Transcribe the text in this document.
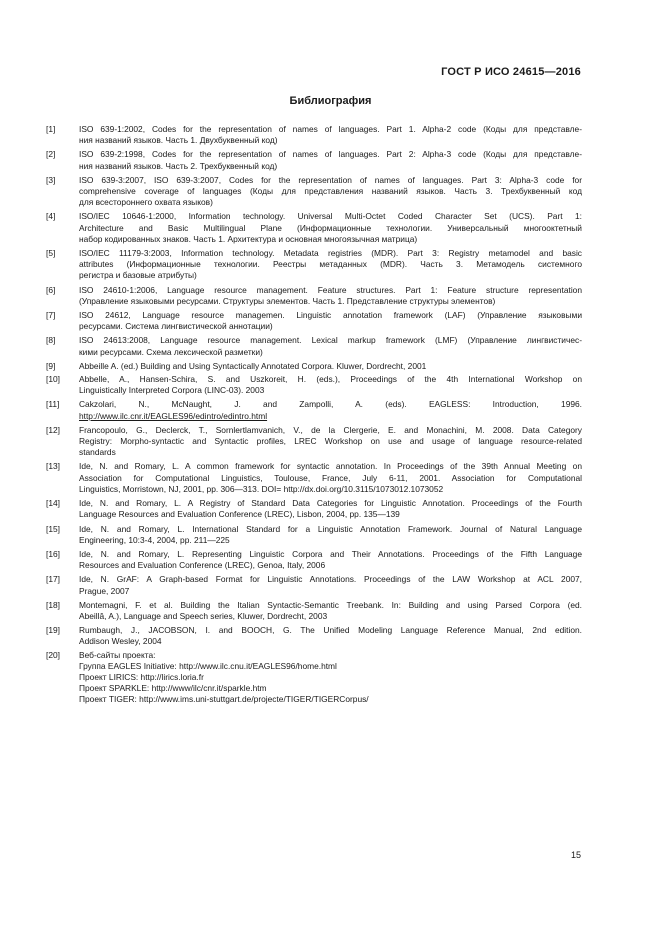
ГОСТ Р ИСО 24615—2016
Библиография
[1]	ISO 639-1:2002, Codes for the representation of names of languages. Part 1. Alpha-2 code (Коды для представле-
ния названий языков. Часть 1. Двухбуквенный код)
[2]	ISO 639-2:1998, Codes for the representation of names of languages. Part 2: Alpha-3 code (Коды для представле-
ния названий языков. Часть 2. Трехбуквенный код)
[3]	ISO 639-3:2007, ISO 639-3:2007, Codes for the representation of names of languages. Part 3: Alpha-3 code for
comprehensive coverage of languages (Коды для представления названий языков. Часть 3. Трехбуквенный код
для всестороннего охвата языков)
[4]	ISO/IEC 10646-1:2000, Information technology. Universal Multi-Octet Coded Character Set (UCS). Part 1:
Architecture and Basic Multilingual Plane (Информационные технологии. Универсальный многооктетный
набор кодированных знаков. Часть 1. Архитектура и основная многоязычная матрица)
[5]	ISO/IEC 11179-3:2003, Information technology. Metadata registries (MDR). Part 3: Registry metamodel and basic
attributes (Информационные технологии. Реестры метаданных (MDR). Часть 3. Метамодель системного
регистра и базовые атрибуты)
[6]	ISO 24610-1:2006, Language resource management. Feature structures. Part 1: Feature structure representation
(Управление языковыми ресурсами. Структуры элементов. Часть 1. Представление структуры элементов)
[7]	ISO 24612, Language resource managemen. Linguistic annotation framework (LAF) (Управление языковыми
ресурсами. Система лингвистической аннотации)
[8]	ISO 24613:2008, Language resource management. Lexical markup framework (LMF) (Управление лингвистичес-
кими ресурсами. Схема лексической разметки)
[9]	Abbeille A. (ed.) Building and Using Syntactically Annotated Corpora. Kluwer, Dordrecht, 2001
[10]	Abbelle, A., Hansen-Schira, S. and Uszkoreit, H. (eds.), Proceedings of the 4th International Workshop on
Linguistically Interpreted Corpora (LINC-03). 2003
[11]	Cakzolari, N., McNaught, J. and Zampolli, A. (eds). EAGLESS: Introduction, 1996.
http://www.ilc.cnr.it/EAGLES96/edintro/edintro.html
[12]	Francopoulo, G., Declerck, T., Sornlertlamvanich, V., de la Clergerie, E. and Monachini, M. 2008. Data Category
Registry: Morpho-syntactic and Syntactic profiles, LREC Workshop on use and usage of language resource-related
standards
[13]	Ide, N. and Romary, L. A common framework for syntactic annotation. In Proceedings of the 39th Annual Meeting on
Association for Computational Linguistics, Toulouse, France, July 6-11, 2001. Association for Computational
Linguistics, Morristown, NJ, 2001, pp. 306—313. DOI= http://dx.doi.org/10.3115/1073012.1073052
[14]	Ide, N. and Romary, L. A Registry of Standard Data Categories for Linguistic Annotation. Proceedings of the Fourth
Language Resources and Evaluation Conference (LREC), Lisbon, 2004, pp. 135—139
[15]	Ide, N. and Romary, L. International Standard for a Linguistic Annotation Framework. Journal of Natural Language
Engineering, 10:3-4, 2004, pp. 211—225
[16]	Ide, N. and Romary, L. Representing Linguistic Corpora and Their Annotations. Proceedings of the Fifth Language
Resources and Evaluation Conference (LREC), Genoa, Italy, 2006
[17]	Ide, N. GrAF: A Graph-based Format for Linguistic Annotations. Proceedings of the LAW Workshop at ACL 2007,
Prague, 2007
[18]	Montemagni, F. et al. Building the Italian Syntactic-Semantic Treebank. In: Building and using Parsed Corpora (ed.
Abeillâ, A.), Language and Speech series, Kluwer, Dordrecht, 2003
[19]	Rumbaugh, J., JACOBSON, I. and BOOCH, G. The Unified Modeling Language Reference Manual, 2nd edition.
Addison Wesley, 2004
[20]	Веб-сайты проекта:
Группа EAGLES Initiative: http://www.ilc.cnu.it/EAGLES96/home.html
Проект LIRICS: http://lirics.loria.fr
Проект SPARKLE: http://www/ilc/cnr.it/sparkle.htm
Проект TIGER: http://www.ims.uni-stuttgart.de/projecte/TIGER/TIGERCorpus/
15
